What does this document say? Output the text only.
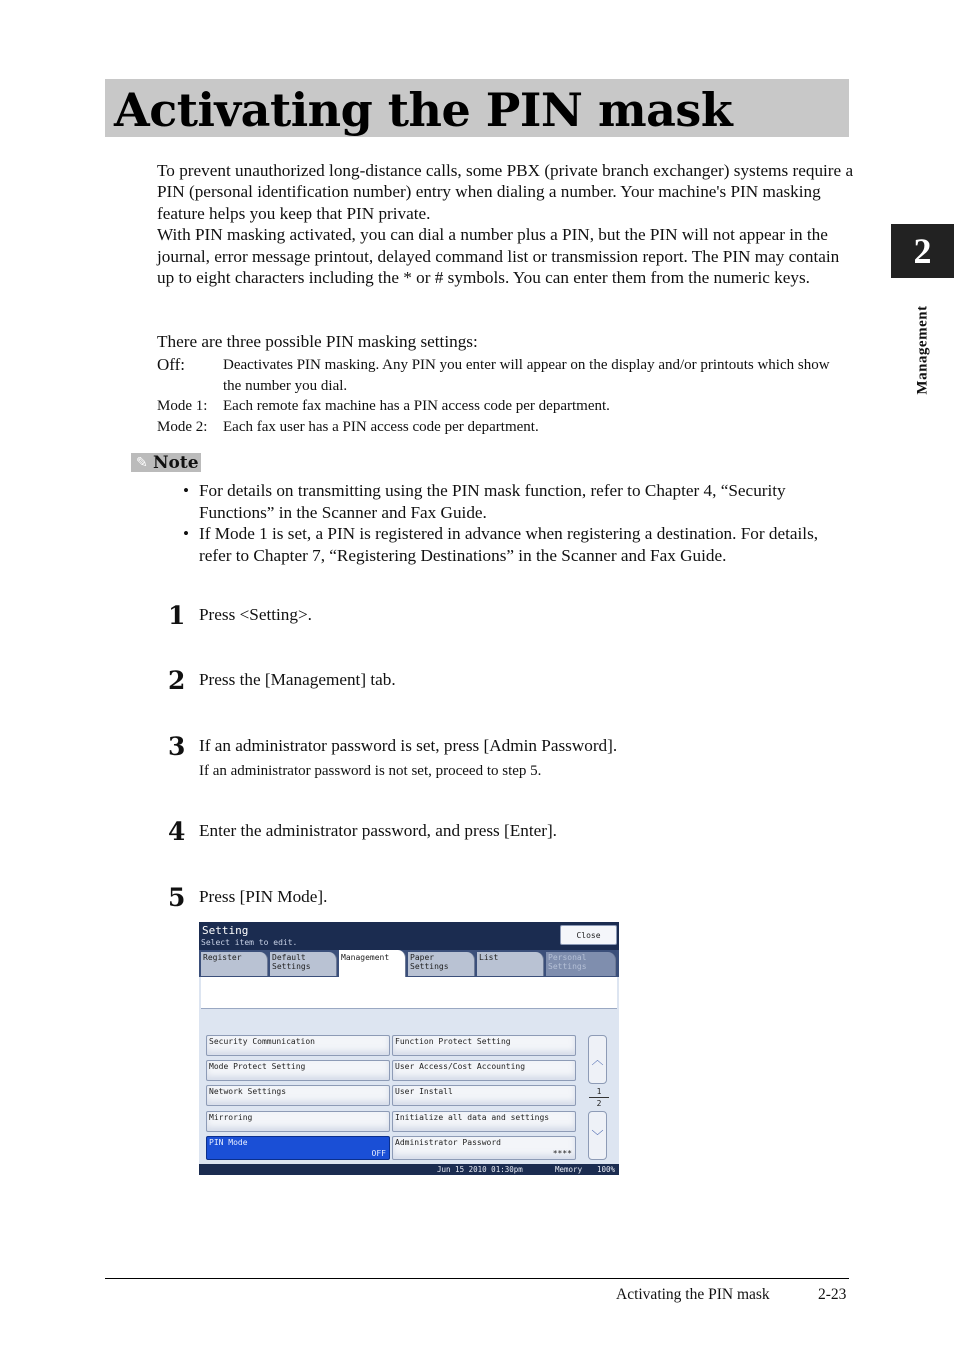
Activating the PIN mask
2
Management

To prevent unauthorized long-distance calls, some PBX (private branch exchanger) systems require a PIN (personal identification number) entry when dialing a number. Your machine's PIN masking feature helps you keep that PIN private.

With PIN masking activated, you can dial a number plus a PIN, but the PIN will not appear in the journal, error message printout, delayed command list or transmission report. The PIN may contain up to eight characters including the * or # symbols. You can enter them from the numeric keys.

There are three possible PIN masking settings:
Off:	Deactivates PIN masking. Any PIN you enter will appear on the display and/or printouts which show the number you dial.
Mode 1: Each remote fax machine has a PIN access code per department.
Mode 2: Each fax user has a PIN access code per department.
✎ Note
• For details on transmitting using the PIN mask function, refer to Chapter 4, “Security Functions” in the Scanner and Fax Guide.
• If Mode 1 is set, a PIN is registered in advance when registering a destination. For details, refer to Chapter 7, “Registering Destinations” in the Scanner and Fax Guide.
1 Press <Setting>.
2 Press the [Management] tab.
3 If an administrator password is set, press [Admin Password].
If an administrator password is not set, proceed to step 5.
4 Enter the administrator password, and press [Enter].
5 Press [PIN Mode].
Setting
Select item to edit.
Close
Register	Default
Settings
Management	Paper
Settings
List	Personal
Settings
Security Communication
Mode Protect Setting
Network Settings
Mirroring
PIN Mode
OFF
Function Protect Setting
User Access/Cost Accounting
User Install
Initialize all data and settings
Administrator Password
****
︿
1
2
﹀
Jun 15 2010 01:30pm	Memory 100%
Activating the PIN mask	2-23
